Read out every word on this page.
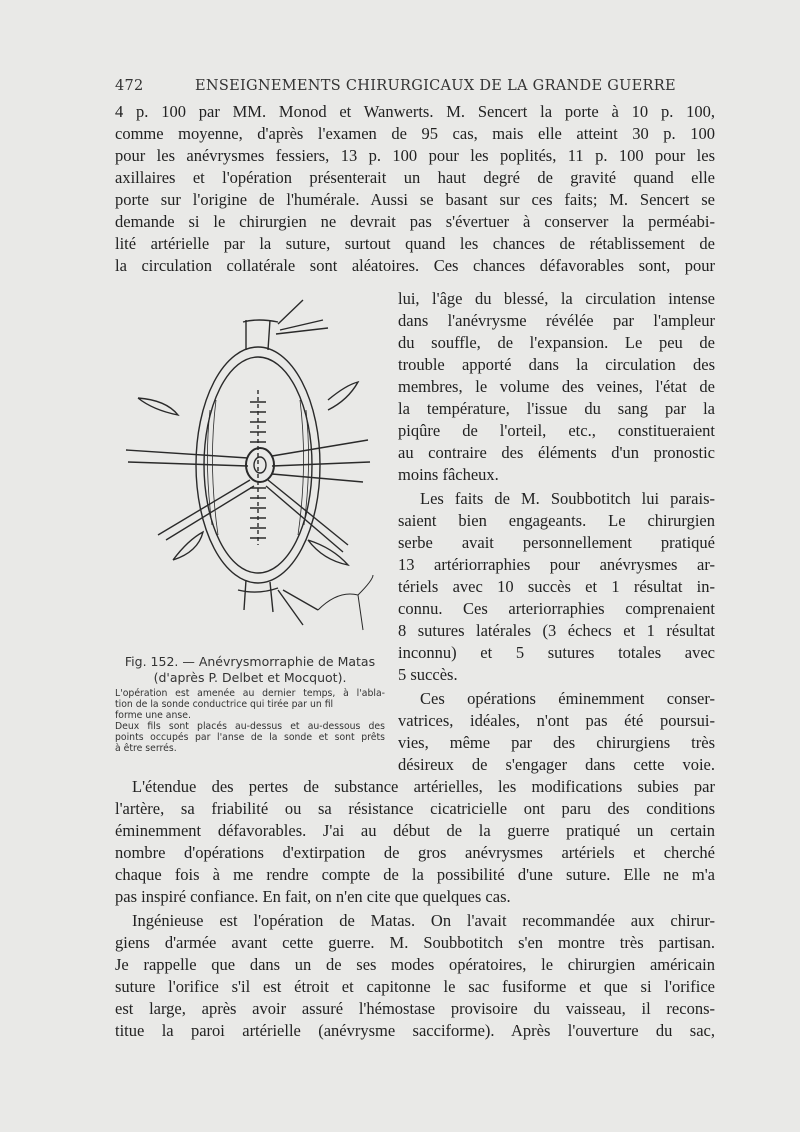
472	ENSEIGNEMENTS CHIRURGICAUX DE LA GRANDE GUERRE
4 p. 100 par MM. Monod et Wanwerts. M. Sencert la porte à 10 p. 100,
comme moyenne, d'après l'examen de 95 cas, mais elle atteint 30 p. 100
pour les anévrysmes fessiers, 13 p. 100 pour les poplités, 11 p. 100 pour les
axillaires et l'opération présenterait un haut degré de gravité quand elle
porte sur l'origine de l'humérale. Aussi se basant sur ces faits; M. Sencert se
demande si le chirurgien ne devrait pas s'évertuer à conserver la perméabi-
lité artérielle par la suture, surtout quand les chances de rétablissement de
la circulation collatérale sont aléatoires. Ces chances défavorables sont, pour
Fig. 152. — Anévrysmorraphie de Matas
(d'après P. Delbet et Mocquot).
L'opération est amenée au dernier temps, à l'abla-
tion de la sonde conductrice qui tirée par un fil
forme une anse.
Deux fils sont placés au-dessus et au-dessous des
points occupés par l'anse de la sonde et sont prêts
à être serrés.
lui, l'âge du blessé, la circulation intense
dans l'anévrysme révélée par l'ampleur
du souffle, de l'expansion. Le peu de
trouble apporté dans la circulation des
membres, le volume des veines, l'état de
la température, l'issue du sang par la
piqûre de l'orteil, etc., constitueraient
au contraire des éléments d'un pronostic
moins fâcheux.
Les faits de M. Soubbotitch lui parais-
saient bien engageants. Le chirurgien
serbe avait personnellement pratiqué
13 artériorraphies pour anévrysmes ar-
tériels avec 10 succès et 1 résultat in-
connu. Ces arteriorraphies comprenaient
8 sutures latérales (3 échecs et 1 résultat
inconnu) et 5 sutures totales avec
5 succès.
Ces opérations éminemment conser-
vatrices, idéales, n'ont pas été poursui-
vies, même par des chirurgiens très
désireux de s'engager dans cette voie.
L'étendue des pertes de substance artérielles, les modifications subies par
l'artère, sa friabilité ou sa résistance cicatricielle ont paru des conditions
éminemment défavorables. J'ai au début de la guerre pratiqué un certain
nombre d'opérations d'extirpation de gros anévrysmes artériels et cherché
chaque fois à me rendre compte de la possibilité d'une suture. Elle ne m'a
pas inspiré confiance. En fait, on n'en cite que quelques cas.
Ingénieuse est l'opération de Matas. On l'avait recommandée aux chirur-
giens d'armée avant cette guerre. M. Soubbotitch s'en montre très partisan.
Je rappelle que dans un de ses modes opératoires, le chirurgien américain
suture l'orifice s'il est étroit et capitonne le sac fusiforme et que si l'orifice
est large, après avoir assuré l'hémostase provisoire du vaisseau, il recons-
titue la paroi artérielle (anévrysme sacciforme). Après l'ouverture du sac,
